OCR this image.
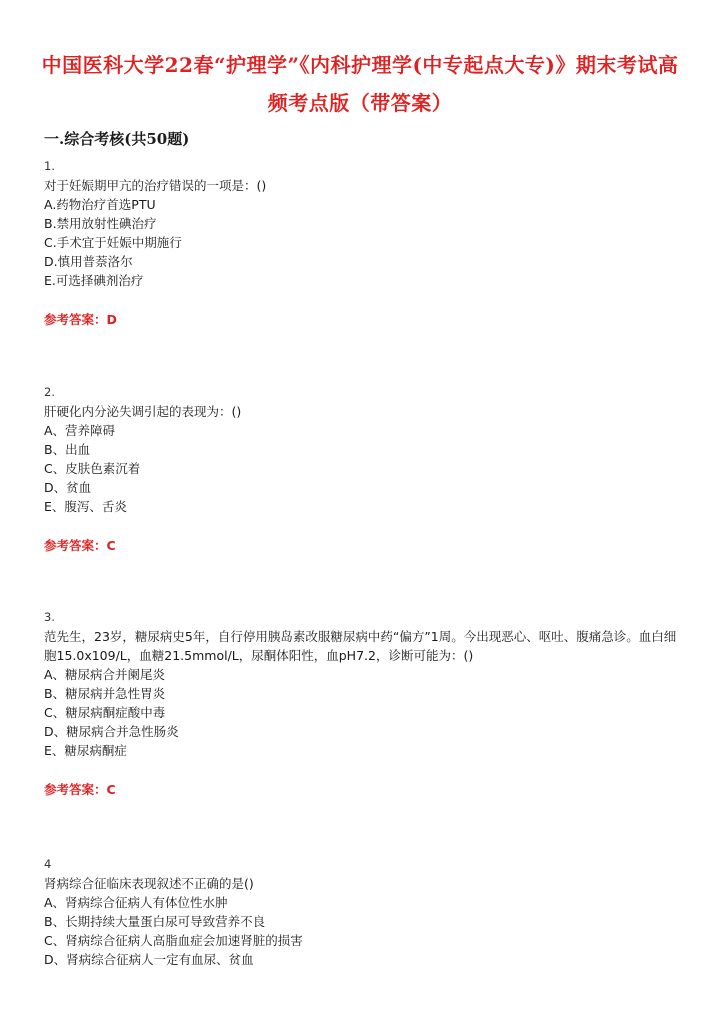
中国医科大学22春“护理学”《内科护理学(中专起点大专)》期末考试高
频考点版（带答案）
一.综合考核(共50题)
1.
对于妊娠期甲亢的治疗错误的一项是：()
A.药物治疗首选PTU
B.禁用放射性碘治疗
C.手术宜于妊娠中期施行
D.慎用普萘洛尔
E.可选择碘剂治疗
参考答案：D
2.
肝硬化内分泌失调引起的表现为：()
A、营养障碍
B、出血
C、皮肤色素沉着
D、贫血
E、腹泻、舌炎
参考答案：C
3.
范先生，23岁，糖尿病史5年，自行停用胰岛素改服糖尿病中药“偏方”1周。今出现恶心、呕吐、腹痛急诊。血白细胞15.0x109/L，血糖21.5mmol/L，尿酮体阳性，血pH7.2，诊断可能为：()
A、糖尿病合并阑尾炎
B、糖尿病并急性胃炎
C、糖尿病酮症酸中毒
D、糖尿病合并急性肠炎
E、糖尿病酮症
参考答案：C
4
肾病综合征临床表现叙述不正确的是()
A、肾病综合征病人有体位性水肿
B、长期持续大量蛋白尿可导致营养不良
C、肾病综合征病人高脂血症会加速肾脏的损害
D、肾病综合征病人一定有血尿、贫血
